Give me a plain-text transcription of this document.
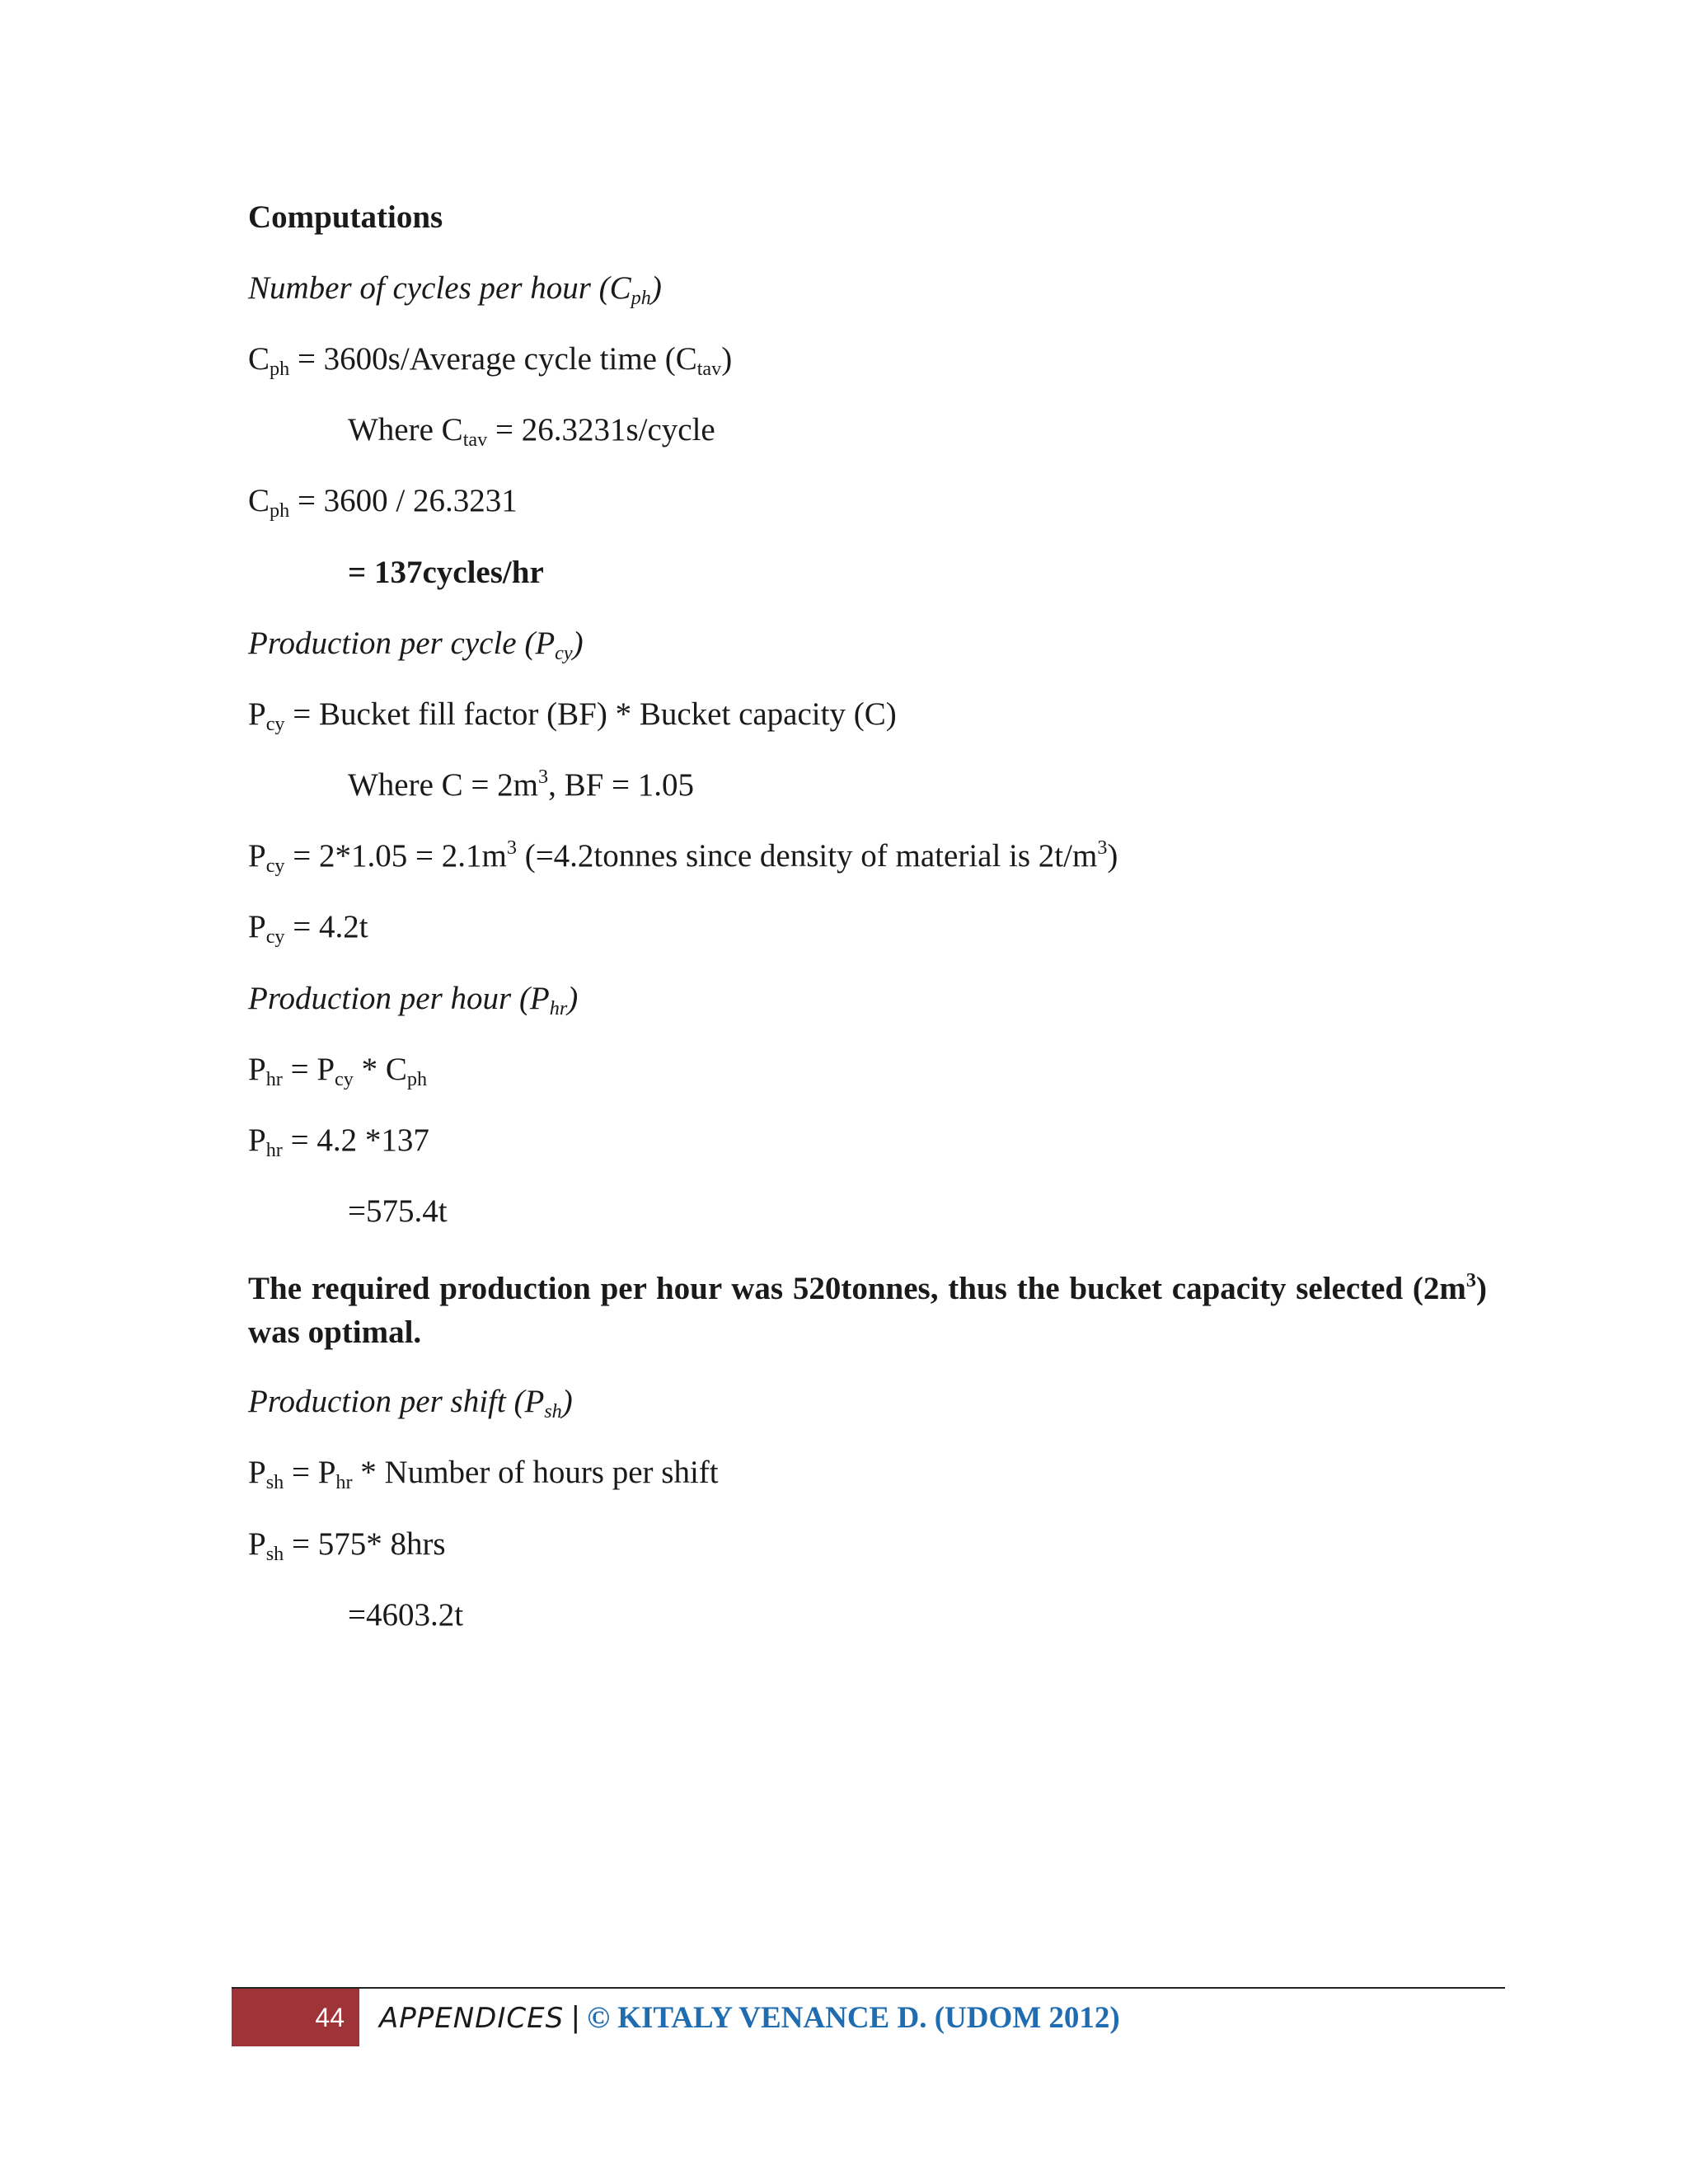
Computations
Number of cycles per hour $(C_{ph})$
$C_{ph}$ = 3600s/Average cycle time $(C_{tav})$
Where $C_{tav}$ = 26.3231s/cycle
$C_{ph} = 3600 / 26.3231$
= 137cycles/hr
Production per cycle $(P_{cy})$
$P_{cy}$ = Bucket fill factor (BF) * Bucket capacity (C)
Where $C = 2m^3$, BF = 1.05
$P_{cy} = 2*1.05 = 2.1m^3$ (=4.2tonnes since density of material is $2t/m^3$)
$P_{cy} = 4.2t$
Production per hour $(P_{hr})$
$P_{hr} = P_{cy} * C_{ph}$
$P_{hr} = 4.2$ *137
=575.4t
The required production per hour was 520tonnes, thus the bucket capacity selected $(2m^3)$ was optimal.
Production per shift $(P_{sh})$
$P_{sh} = P_{hr}$ * Number of hours per shift
$P_{sh} = 575*$ 8hrs
=4603.2t
44 APPENDICES | © KITALY VENANCE D. (UDOM 2012)
